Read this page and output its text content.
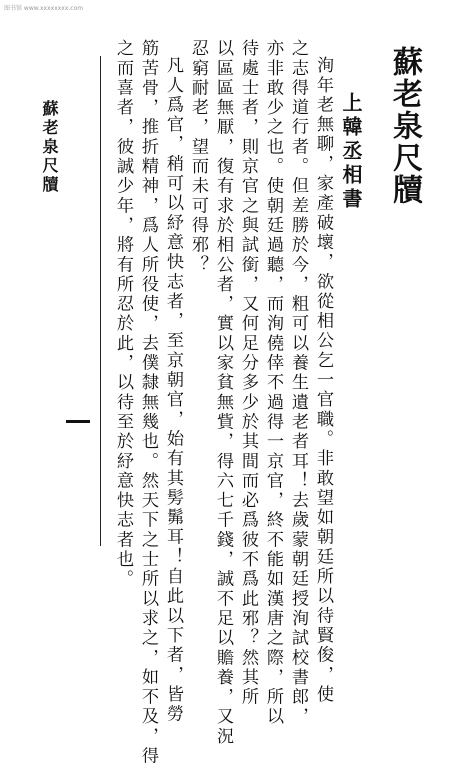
图书馆 www.xxxxxxxx.com
蘇老泉尺牘
上韓丞相書
洵年老無聊，家產破壞，欲從相公乞一官職。非敢望如朝廷所以待賢俊，使
之志得道行者。但差勝於今，粗可以養生遺老者耳！去歲蒙朝廷授洵試校書郎，
亦非敢少之也。使朝廷過聽，而洵僥倖不過得一京官，終不能如漢唐之際，所以
待處士者，則京官之與試銜，又何足分多少於其間而必爲彼不爲此邪？然其所
以區區無厭，復有求於相公者，實以家貧無貲，得六七千錢，誠不足以贍養，又況
忍窮耐老，望而未可得邪？
凡人爲官，稍可以紓意快志者，至京朝官，始有其髣髴耳！自此以下者，皆勞
筋苦骨，推折精神，爲人所役使，去僕隸無幾也。然天下之士所以求之，如不及，得
之而喜者，彼誠少年，將有所忍於此，以待至於紓意快志者也。
蘇老泉尺牘
